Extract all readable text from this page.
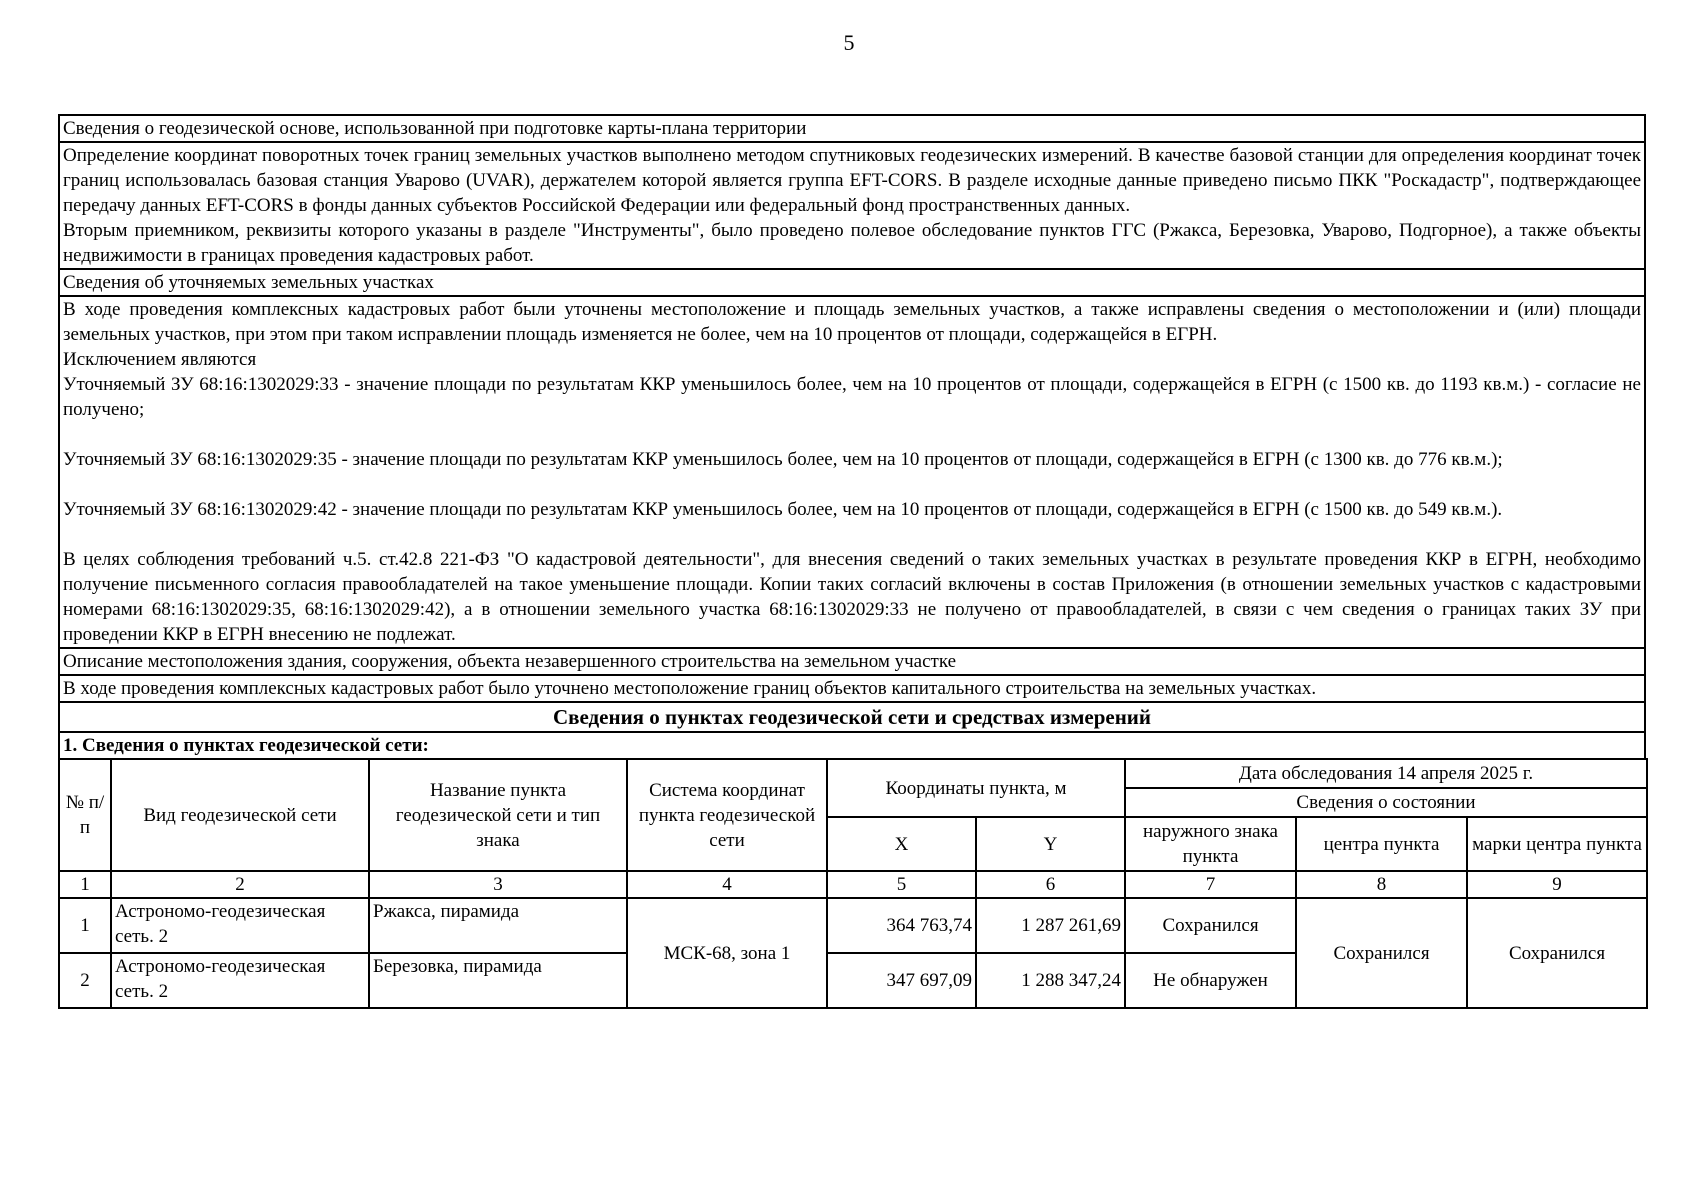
5
Сведения о геодезической основе, использованной при подготовке карты-плана территории

Определение координат поворотных точек границ земельных участков выполнено методом спутниковых геодезических измерений. В качестве базовой станции для определения координат точек границ использовалась базовая станция Уварово (UVAR), держателем которой является группа EFT-CORS. В разделе исходные данные приведено письмо ПКК "Роскадастр", подтверждающее передачу данных EFT-CORS в фонды данных субъектов Российской Федерации или федеральный фонд пространственных данных.

Вторым приемником, реквизиты которого указаны в разделе "Инструменты", было проведено полевое обследование пунктов ГГС (Ржакса, Березовка, Уварово, Подгорное), а также объекты недвижимости в границах проведения кадастровых работ.

Сведения об уточняемых земельных участках

В ходе проведения комплексных кадастровых работ были уточнены местоположение и площадь земельных участков, а также исправлены сведения о местоположении и (или) площади земельных участков, при этом при таком исправлении площадь изменяется не более, чем на 10 процентов от площади, содержащейся в ЕГРН.

Исключением являются

Уточняемый ЗУ 68:16:1302029:33 - значение площади по результатам ККР уменьшилось более, чем на 10 процентов от площади, содержащейся в ЕГРН (с 1500 кв. до 1193 кв.м.) - согласие не получено;

Уточняемый ЗУ 68:16:1302029:35 - значение площади по результатам ККР уменьшилось более, чем на 10 процентов от площади, содержащейся в ЕГРН (с 1300 кв. до 776 кв.м.);

Уточняемый ЗУ 68:16:1302029:42 - значение площади по результатам ККР уменьшилось более, чем на 10 процентов от площади, содержащейся в ЕГРН (с 1500 кв. до 549 кв.м.).

В целях соблюдения требований ч.5. ст.42.8 221-ФЗ "О кадастровой деятельности", для внесения сведений о таких земельных участках в результате проведения ККР в ЕГРН, необходимо получение письменного согласия правообладателей на такое уменьшение площади. Копии таких согласий включены в состав Приложения (в отношении земельных участков с кадастровыми номерами 68:16:1302029:35, 68:16:1302029:42), а в отношении земельного участка 68:16:1302029:33 не получено от правообладателей, в связи с чем сведения о границах таких ЗУ при проведении ККР в ЕГРН внесению не подлежат.

Описание местоположения здания, сооружения, объекта незавершенного строительства на земельном участке
В ходе проведения комплексных кадастровых работ было уточнено местоположение границ объектов капитального строительства на земельных участках.
Сведения о пунктах геодезической сети и средствах измерений
1. Сведения о пунктах геодезической сети:
№ п/п	Вид геодезической сети	Название пункта геодезической сети и тип знака	Система координат пункта геодезической сети	Координаты пункта, м		Дата обследования 14 апреля 2025 г.		
						Сведения о состоянии		
				X	Y	наружного знака пункта	центра пункта	марки центра пункта
1	2	3	4	5	6	7	8	9
1	Астрономо-геодезическая сеть. 2	Ржакса, пирамида	МСК-68, зона 1	364 763,74	1 287 261,69	Сохранился	Сохранился	Сохранился
2	Астрономо-геодезическая сеть. 2	Березовка, пирамида		347 697,09	1 288 347,24	Не обнаружен		
